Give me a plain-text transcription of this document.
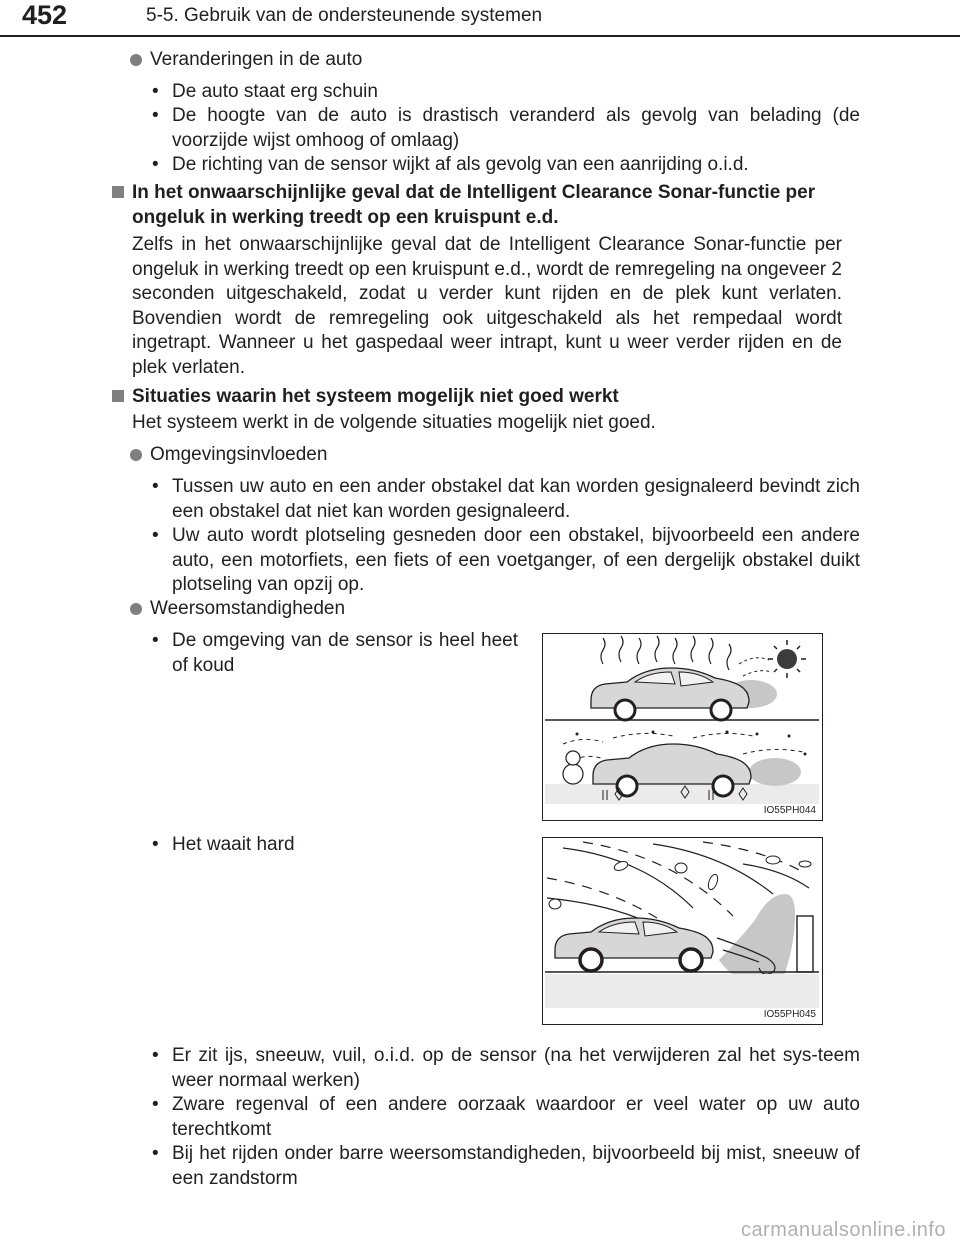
452	5-5. Gebruik van de ondersteunende systemen
Veranderingen in de auto
• De auto staat erg schuin
• De hoogte van de auto is drastisch veranderd als gevolg van belading (de voorzijde wijst omhoog of omlaag)
• De richting van de sensor wijkt af als gevolg van een aanrijding o.i.d.
In het onwaarschijnlijke geval dat de Intelligent Clearance Sonar-functie per ongeluk in werking treedt op een kruispunt e.d.
Zelfs in het onwaarschijnlijke geval dat de Intelligent Clearance Sonar-functie per ongeluk in werking treedt op een kruispunt e.d., wordt de remregeling na ongeveer 2 seconden uitgeschakeld, zodat u verder kunt rijden en de plek kunt verlaten. Bovendien wordt de remregeling ook uitgeschakeld als het rempedaal wordt ingetrapt. Wanneer u het gaspedaal weer intrapt, kunt u weer verder rijden en de plek verlaten.
Situaties waarin het systeem mogelijk niet goed werkt
Het systeem werkt in de volgende situaties mogelijk niet goed.
Omgevingsinvloeden
• Tussen uw auto en een ander obstakel dat kan worden gesignaleerd bevindt zich een obstakel dat niet kan worden gesignaleerd.
• Uw auto wordt plotseling gesneden door een obstakel, bijvoorbeeld een andere auto, een motorfiets, een fiets of een voetganger, of een dergelijk obstakel duikt plotseling van opzij op.
Weersomstandigheden
• De omgeving van de sensor is heel heet of koud
• Het waait hard
• Er zit ijs, sneeuw, vuil, o.i.d. op de sensor (na het verwijderen zal het sys-teem weer normaal werken)
• Zware regenval of een andere oorzaak waardoor er veel water op uw auto terechtkomt
• Bij het rijden onder barre weersomstandigheden, bijvoorbeeld bij mist, sneeuw of een zandstorm
IO55PH044
IO55PH045
carmanualsonline.info
